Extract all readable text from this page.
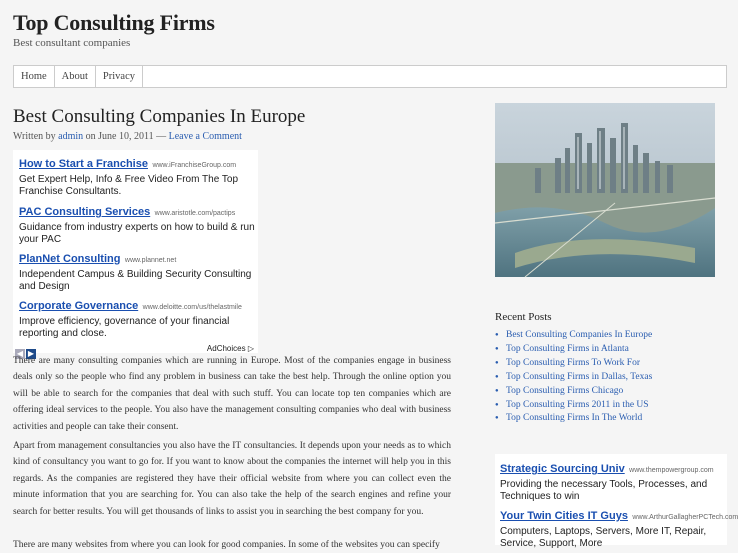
Top Consulting Firms
Best consultant companies
Home	About	Privacy
Best Consulting Companies In Europe
Written by admin on June 10, 2011 — Leave a Comment
How to Start a Franchise www.iFranchiseGroup.com
Get Expert Help, Info & Free Video From The Top Franchise Consultants.
PAC Consulting Services www.aristotle.com/pactips
Guidance from industry experts on how to build & run your PAC
PlanNet Consulting www.plannet.net
Independent Campus & Building Security Consulting and Design
Corporate Governance www.deloitte.com/us/thelastmile
Improve efficiency, governance of your financial reporting and close.
◀ ▶
AdChoices ▷

There are many consulting companies which are running in Europe. Most of the companies engage in business deals only so the people who find any problem in business can take the best help. Through the online option you will be able to search for the companies that deal with such stuff. You can locate top ten companies which are offering ideal services to the people. You also have the management consulting companies who deal with business activities and people can take their consent.

Apart from management consultancies you also have the IT consultancies. It depends upon your needs as to which kind of consultancy you want to go for. If you want to know about the companies the internet will help you in this regards. As the companies are registered they have their official website from where you can collect even the minute information that you are searching for. You can also take the help of the search engines and refine your search for better results. You will get thousands of links to assist you in searching the best company for you.

There are many websites from where you can look for good companies. In some of the websites you can specify

Recent Posts
● Best Consulting Companies In Europe
● Top Consulting Firms in Atlanta
● Top Consulting Firms To Work For
● Top Consulting Firms in Dallas, Texas
● Top Consulting Firms Chicago
● Top Consulting Firms 2011 in the US
● Top Consulting Firms In The World
Strategic Sourcing Univ www.thempowergroup.com
Providing the necessary Tools, Processes, and Techniques to win
Your Twin Cities IT Guys www.ArthurGallagherPCTech.com
Computers, Laptops, Servers, More IT, Repair, Service, Support, More
